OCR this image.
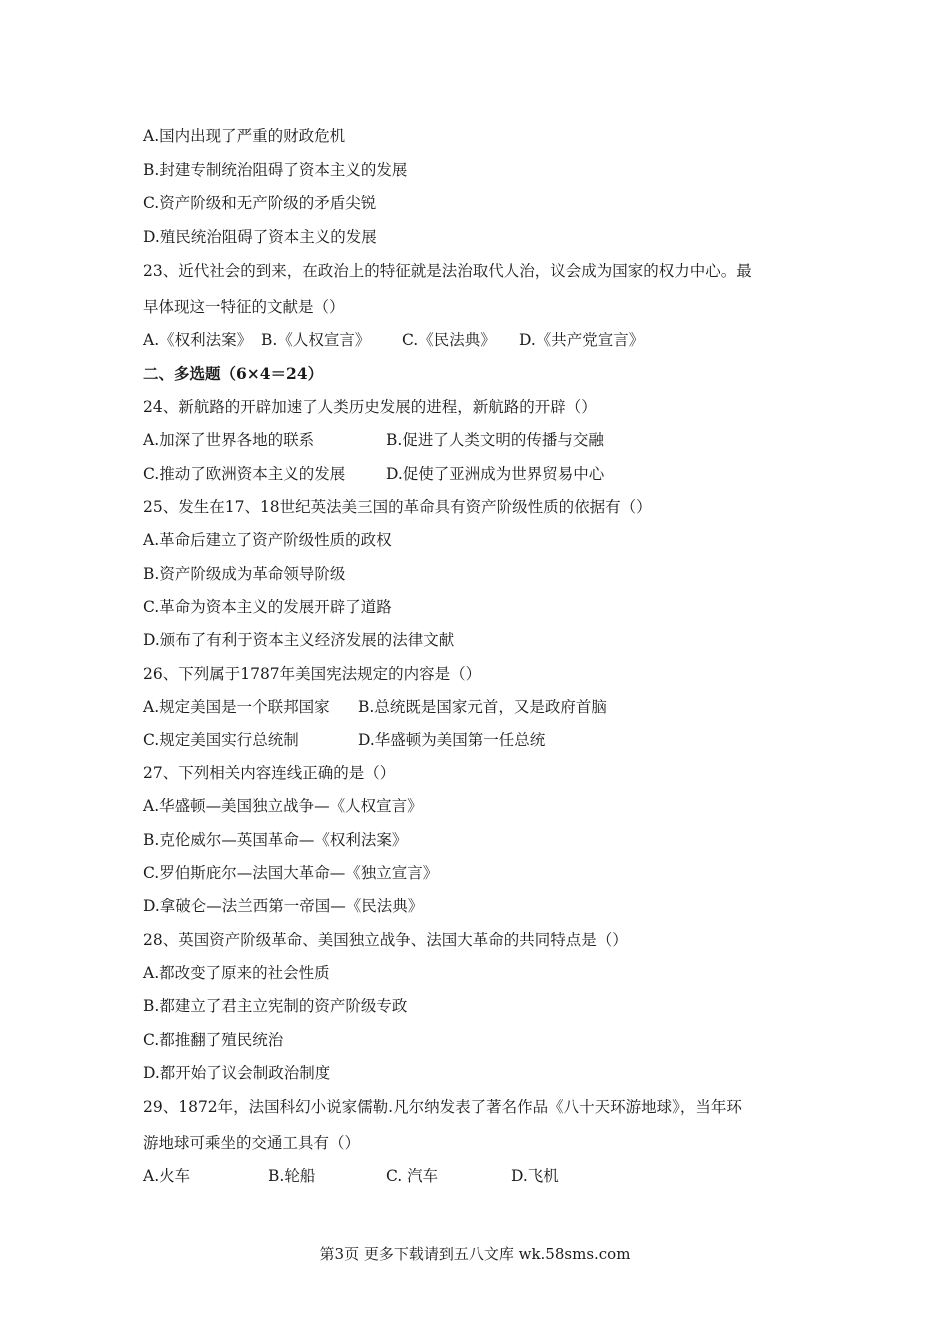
A.国内出现了严重的财政危机
B.封建专制统治阻碍了资本主义的发展
C.资产阶级和无产阶级的矛盾尖锐
D.殖民统治阻碍了资本主义的发展
23、近代社会的到来，在政治上的特征就是法治取代人治，议会成为国家的权力中心。最
早体现这一特征的文献是（）
A.《权利法案》 B.《人权宣言》 C.《民法典》 D.《共产党宣言》
二、多选题（6×4＝24）
24、新航路的开辟加速了人类历史发展的进程，新航路的开辟（）
A.加深了世界各地的联系	B.促进了人类文明的传播与交融
C.推动了欧洲资本主义的发展	D.促使了亚洲成为世界贸易中心
25、发生在17、18世纪英法美三国的革命具有资产阶级性质的依据有（）
A.革命后建立了资产阶级性质的政权
B.资产阶级成为革命领导阶级
C.革命为资本主义的发展开辟了道路
D.颁布了有利于资本主义经济发展的法律文献
26、下列属于1787年美国宪法规定的内容是（）
A.规定美国是一个联邦国家 B.总统既是国家元首，又是政府首脑
C.规定美国实行总统制	D.华盛顿为美国第一任总统
27、下列相关内容连线正确的是（）
A.华盛顿—美国独立战争—《人权宣言》
B.克伦威尔—英国革命—《权利法案》
C.罗伯斯庇尔—法国大革命—《独立宣言》
D.拿破仑—法兰西第一帝国—《民法典》
28、英国资产阶级革命、美国独立战争、法国大革命的共同特点是（）
A.都改变了原来的社会性质
B.都建立了君主立宪制的资产阶级专政
C.都推翻了殖民统治
D.都开始了议会制政治制度
29、1872年，法国科幻小说家儒勒.凡尔纳发表了著名作品《八十天环游地球》，当年环
游地球可乘坐的交通工具有（）
A.火车	B.轮船	C. 汽车	D.飞机
第3页 更多下载请到五八文库 wk.58sms.com
